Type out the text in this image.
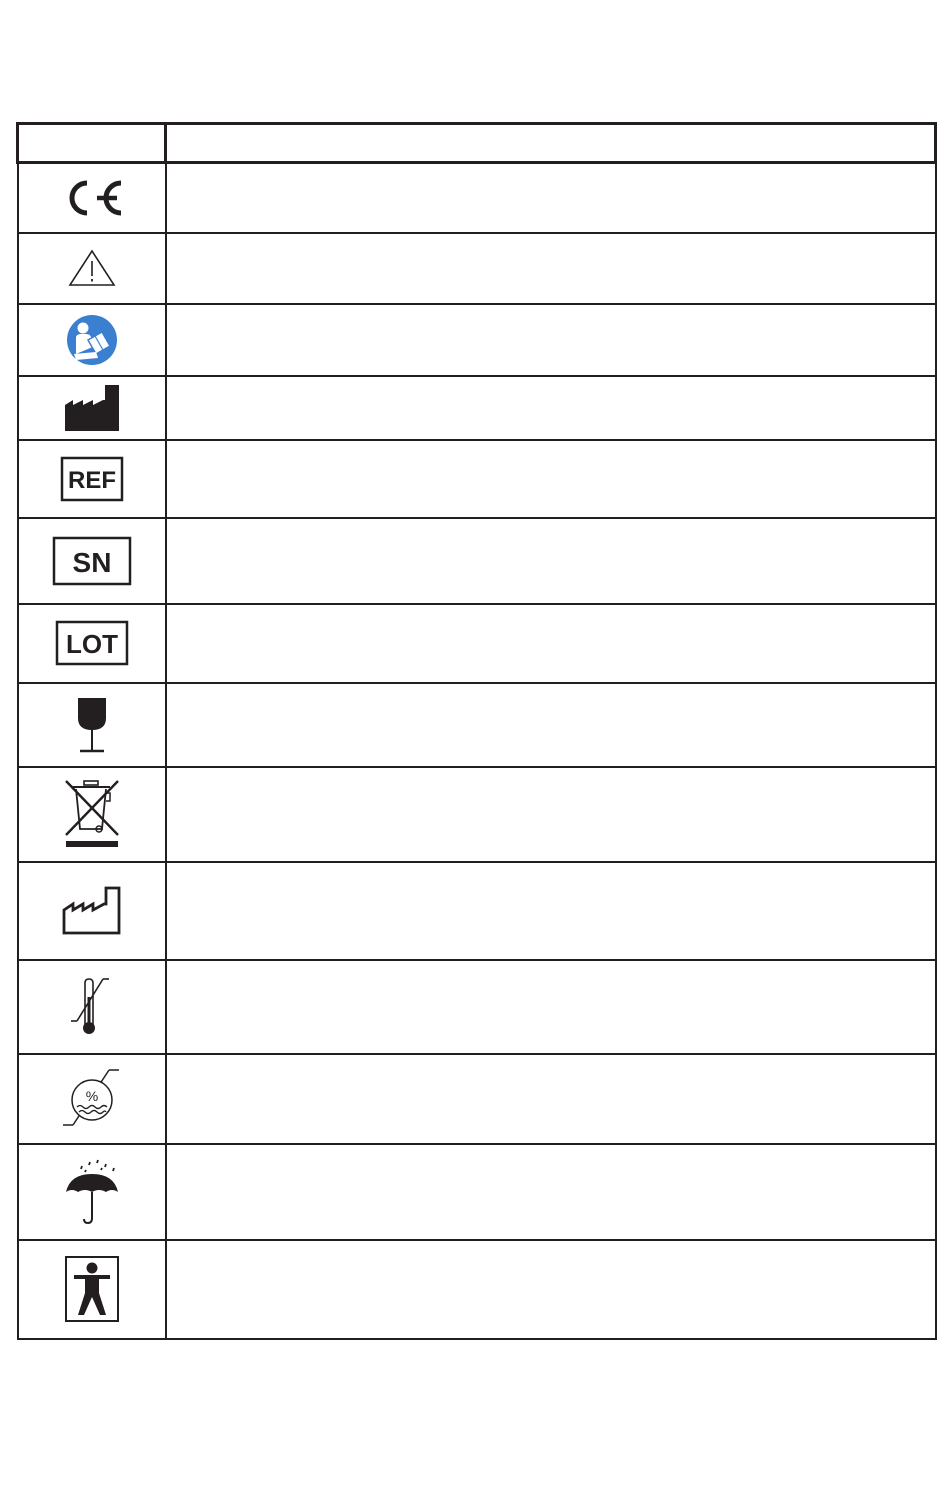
REF	

SN	

LOT	

%	
